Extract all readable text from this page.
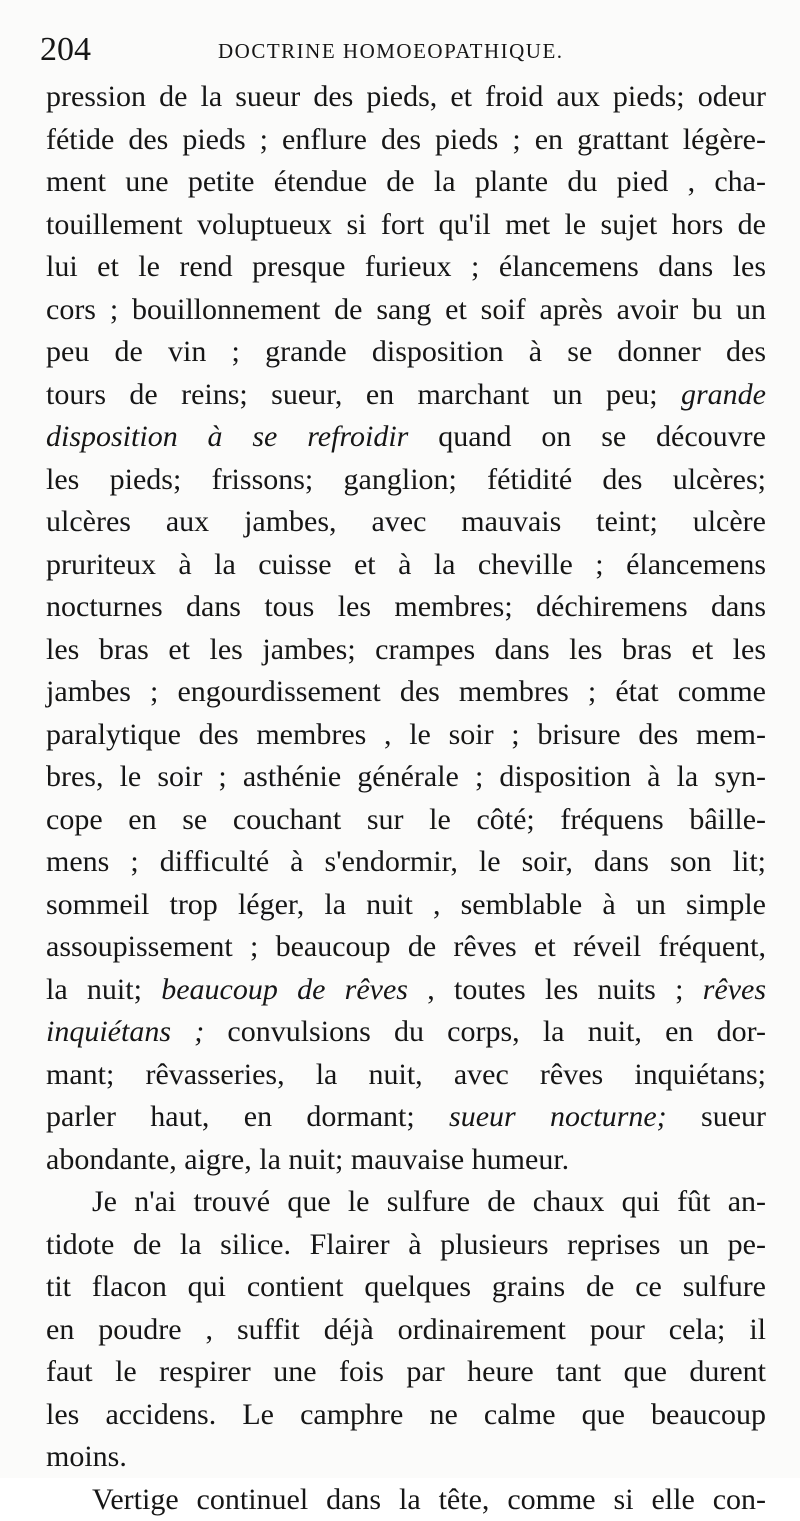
204	DOCTRINE HOMOEOPATHIQUE.
pression de la sueur des pieds, et froid aux pieds; odeur
fétide des pieds ; enflure des pieds ; en grattant légère-
ment une petite étendue de la plante du pied , cha-
touillement voluptueux si fort qu'il met le sujet hors de
lui et le rend presque furieux ; élancemens dans les
cors ; bouillonnement de sang et soif après avoir bu un
peu de vin ; grande disposition à se donner des
tours de reins; sueur, en marchant un peu; grande
disposition à se refroidir quand on se découvre
les pieds; frissons; ganglion; fétidité des ulcères;
ulcères aux jambes, avec mauvais teint; ulcère
pruriteux à la cuisse et à la cheville ; élancemens
nocturnes dans tous les membres; déchiremens dans
les bras et les jambes; crampes dans les bras et les
jambes ; engourdissement des membres ; état comme
paralytique des membres , le soir ; brisure des mem-
bres, le soir ; asthénie générale ; disposition à la syn-
cope en se couchant sur le côté; fréquens bâille-
mens ; difficulté à s'endormir, le soir, dans son lit;
sommeil trop léger, la nuit , semblable à un simple
assoupissement ; beaucoup de rêves et réveil fréquent,
la nuit; beaucoup de rêves , toutes les nuits ; rêves
inquiétans ; convulsions du corps, la nuit, en dor-
mant; rêvasseries, la nuit, avec rêves inquiétans;
parler haut, en dormant; sueur nocturne; sueur
abondante, aigre, la nuit; mauvaise humeur.
Je n'ai trouvé que le sulfure de chaux qui fût an-
tidote de la silice. Flairer à plusieurs reprises un pe-
tit flacon qui contient quelques grains de ce sulfure
en poudre , suffit déjà ordinairement pour cela; il
faut le respirer une fois par heure tant que durent
les accidens. Le camphre ne calme que beaucoup
moins.
Vertige continuel dans la tête, comme si elle con-
